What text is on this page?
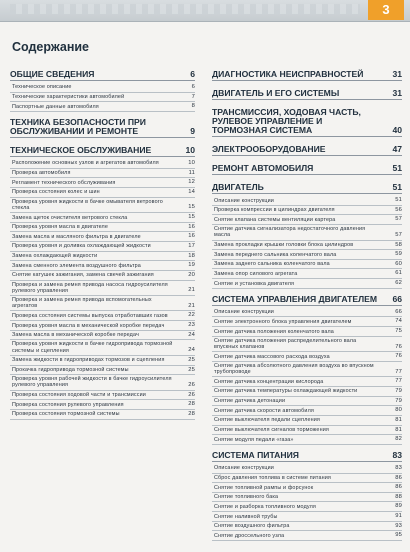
3
Содержание
ОБЩИЕ СВЕДЕНИЯ	6
Техническое описание	6
Технические характеристики автомобилей	7
Паспортные данные автомобиля	8
ТЕХНИКА БЕЗОПАСНОСТИ ПРИ ОБСЛУЖИВАНИИ И РЕМОНТЕ	9
ТЕХНИЧЕСКОЕ ОБСЛУЖИВАНИЕ	10
Расположение основных узлов и агрегатов автомобиля	10
Проверка автомобиля	11
Регламент технического обслуживания	12
Проверка состояния колес и шин	14
Проверка уровня жидкости в бачке омывателя ветрового стекла	15
Замена щеток очистителя ветрового стекла	15
Проверка уровня масла в двигателе	16
Замена масла и масляного фильтра в двигателе	16
Проверка уровня и доливка охлаждающей жидкости	17
Замена охлаждающей жидкости	18
Замена сменного элемента воздушного фильтра	19
Снятие катушек зажигания, замена свечей зажигания	20
Проверка и замена ремня привода насоса гидроусилителя рулевого управления	21
Проверка и замена ремня привода вспомогательных агрегатов	21
Проверка состояния системы выпуска отработавших газов	22
Проверка уровня масла в механической коробке передач	23
Замена масла в механической коробке передач	24
Проверка уровня жидкости в бачке гидропривода тормозной системы и сцепления	24
Замена жидкости в гидроприводах тормозов и сцепления	25
Прокачка гидропривода тормозной системы	25
Проверка уровня рабочей жидкости в бачке гидроусилителя рулевого управления	26
Проверка состояния ходовой части и трансмиссии	26
Проверка состояния рулевого управления	28
Проверка состояния тормозной системы	28
ДИАГНОСТИКА НЕИСПРАВНОСТЕЙ	31
ДВИГАТЕЛЬ И ЕГО СИСТЕМЫ	31
ТРАНСМИССИЯ, ХОДОВАЯ ЧАСТЬ, РУЛЕВОЕ УПРАВЛЕНИЕ И ТОРМОЗНАЯ СИСТЕМА	40
ЭЛЕКТРООБОРУДОВАНИЕ	47
РЕМОНТ АВТОМОБИЛЯ	51
ДВИГАТЕЛЬ	51
Описание конструкции	51
Проверка компрессии в цилиндрах двигателя	56
Снятие клапана системы вентиляции картера	57
Снятие датчика сигнализатора недостаточного давления масла	57
Замена прокладки крышки головки блока цилиндров	58
Замена переднего сальника коленчатого вала	59
Замена заднего сальника коленчатого вала	60
Замена опор силового агрегата	61
Снятие и установка двигателя	62
СИСТЕМА УПРАВЛЕНИЯ ДВИГАТЕЛЕМ	66
Описание конструкции	66
Снятие электронного блока управления двигателем	74
Снятие датчика положения коленчатого вала	75
Снятие датчика положения распределительного вала впускных клапанов	76
Снятие датчика массового расхода воздуха	76
Снятие датчика абсолютного давления воздуха во впускном трубопроводе	77
Снятие датчика концентрации кислорода	77
Снятие датчика температуры охлаждающей жидкости	79
Снятие датчика детонации	79
Снятие датчика скорости автомобиля	80
Снятие выключателя педали сцепления	81
Снятие выключателя сигналов торможения	81
Снятие модуля педали «газа»	82
СИСТЕМА ПИТАНИЯ	83
Описание конструкции	83
Сброс давления топлива в системе питания	86
Снятие топливной рампы и форсунок	86
Снятие топливного бака	88
Снятие и разборка топливного модуля	89
Снятие наливной трубы	91
Снятие воздушного фильтра	93
Снятие дроссельного узла	95
